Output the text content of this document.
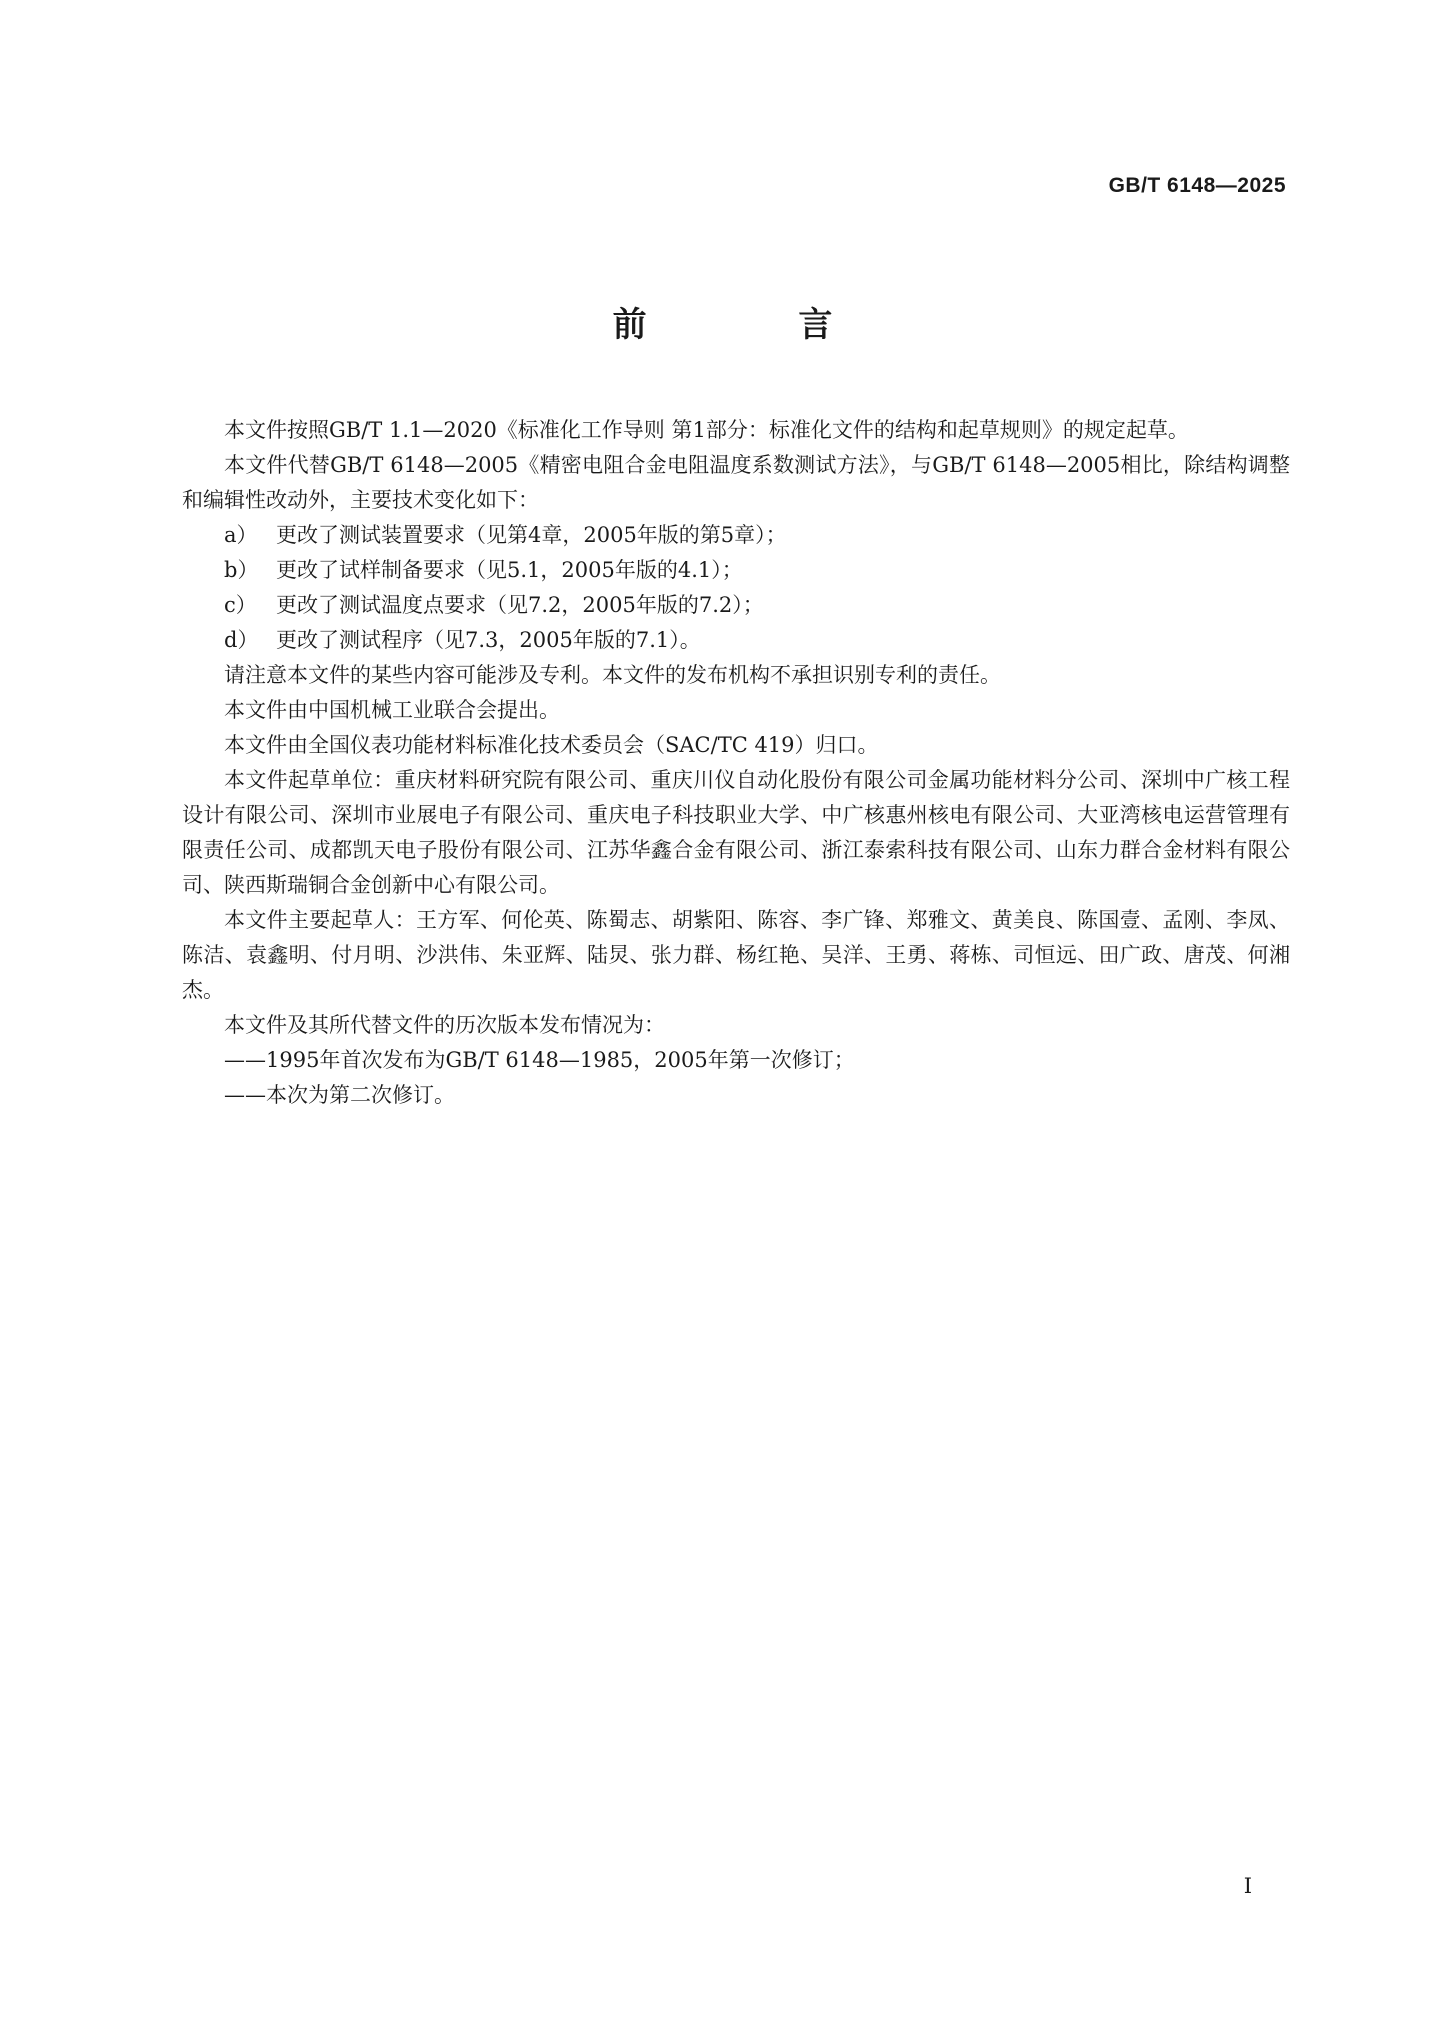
GB/T 6148—2025
前 言

本文件按照GB/T 1.1—2020《标准化工作导则 第1部分：标准化文件的结构和起草规则》的规定起草。

本文件代替GB/T 6148—2005《精密电阻合金电阻温度系数测试方法》，与GB/T 6148—2005相比，除结构调整和编辑性改动外，主要技术变化如下：

a） 更改了测试装置要求（见第4章，2005年版的第5章）；

b） 更改了试样制备要求（见5.1，2005年版的4.1）；

c） 更改了测试温度点要求（见7.2，2005年版的7.2）；

d） 更改了测试程序（见7.3，2005年版的7.1）。

请注意本文件的某些内容可能涉及专利。本文件的发布机构不承担识别专利的责任。

本文件由中国机械工业联合会提出。

本文件由全国仪表功能材料标准化技术委员会（SAC/TC 419）归口。

本文件起草单位：重庆材料研究院有限公司、重庆川仪自动化股份有限公司金属功能材料分公司、深圳中广核工程设计有限公司、深圳市业展电子有限公司、重庆电子科技职业大学、中广核惠州核电有限公司、大亚湾核电运营管理有限责任公司、成都凯天电子股份有限公司、江苏华鑫合金有限公司、浙江泰索科技有限公司、山东力群合金材料有限公司、陕西斯瑞铜合金创新中心有限公司。

本文件主要起草人：王方军、何伦英、陈蜀志、胡紫阳、陈容、李广锋、郑雅文、黄美良、陈国壹、孟刚、李凤、陈洁、袁鑫明、付月明、沙洪伟、朱亚辉、陆炅、张力群、杨红艳、吴洋、王勇、蒋栋、司恒远、田广政、唐茂、何湘杰。

本文件及其所代替文件的历次版本发布情况为：

——1995年首次发布为GB/T 6148—1985，2005年第一次修订；

——本次为第二次修订。

I
